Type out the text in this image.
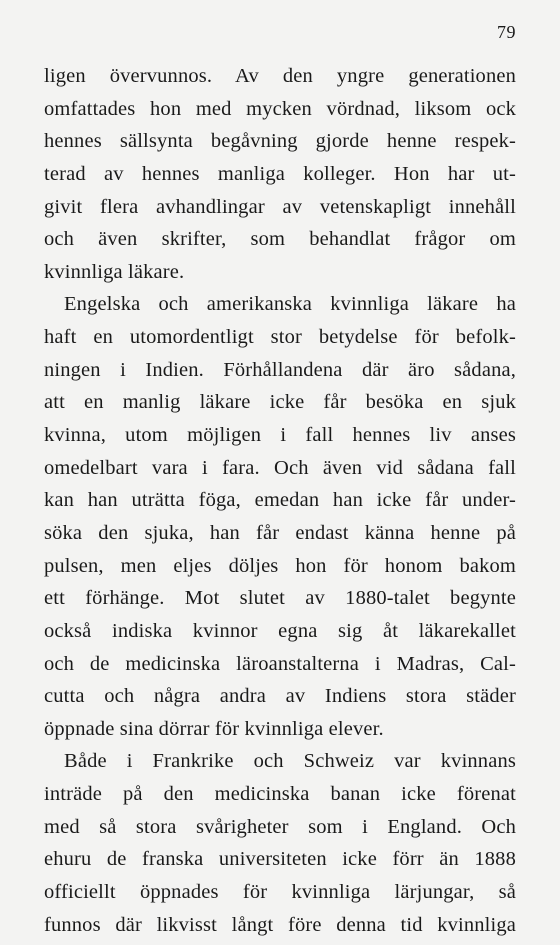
79
ligen övervunnos. Av den yngre generationen
omfattades hon med mycken vördnad, liksom ock
hennes sällsynta begåvning gjorde henne respek-
terad av hennes manliga kolleger. Hon har ut-
givit flera avhandlingar av vetenskapligt innehåll
och även skrifter, som behandlat frågor om
kvinnliga läkare.
Engelska och amerikanska kvinnliga läkare ha
haft en utomordentligt stor betydelse för befolk-
ningen i Indien. Förhållandena där äro sådana,
att en manlig läkare icke får besöka en sjuk
kvinna, utom möjligen i fall hennes liv anses
omedelbart vara i fara. Och även vid sådana fall
kan han uträtta föga, emedan han icke får under-
söka den sjuka, han får endast känna henne på
pulsen, men eljes döljes hon för honom bakom
ett förhänge. Mot slutet av 1880-talet begynte
också indiska kvinnor egna sig åt läkarekallet
och de medicinska läroanstalterna i Madras, Cal-
cutta och några andra av Indiens stora städer
öppnade sina dörrar för kvinnliga elever.
Både i Frankrike och Schweiz var kvinnans
inträde på den medicinska banan icke förenat
med så stora svårigheter som i England. Och
ehuru de franska universiteten icke förr än 1888
officiellt öppnades för kvinnliga lärjungar, så
funnos där likvisst långt före denna tid kvinnliga
